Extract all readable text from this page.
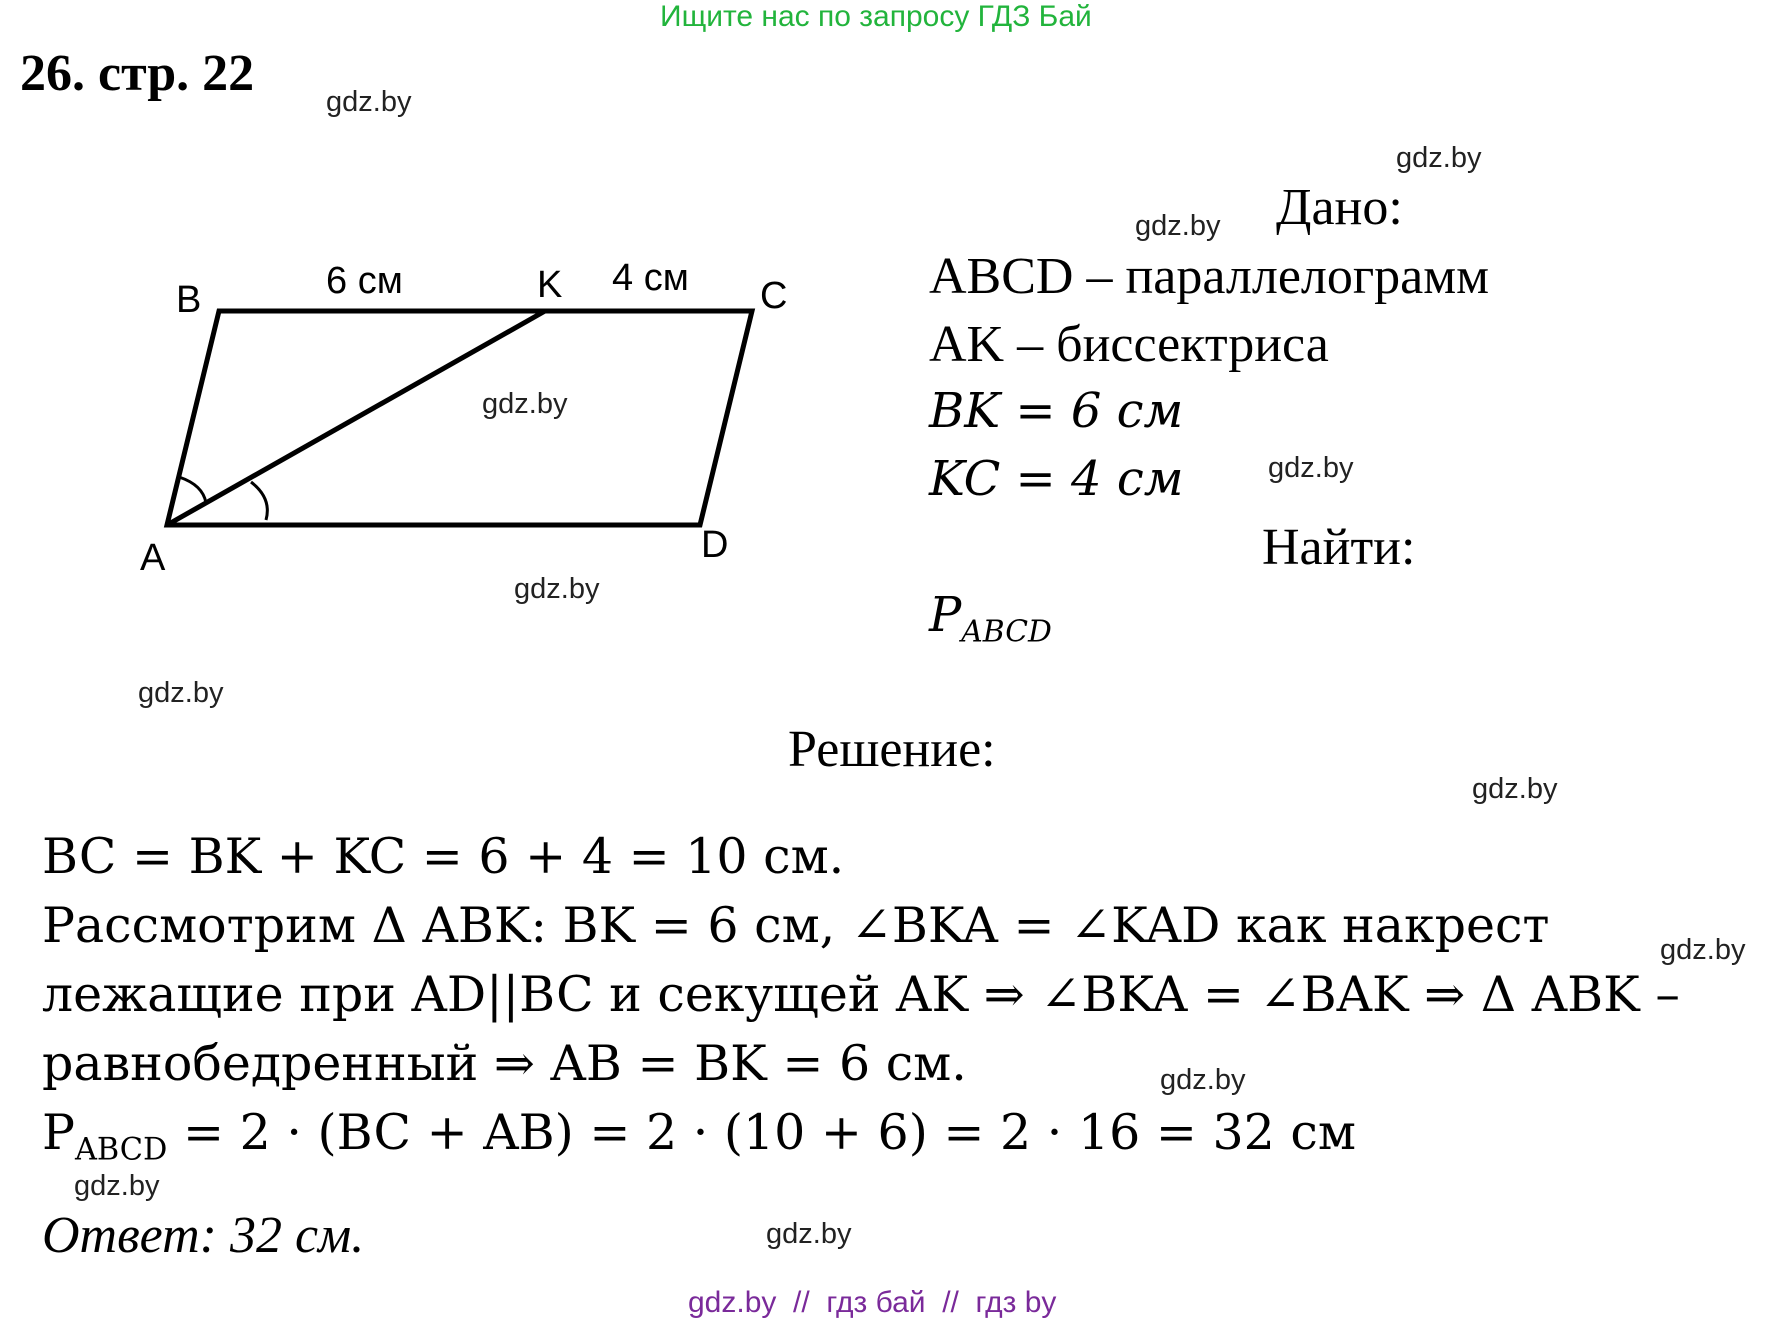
Ищите нас по запросу ГДЗ Бай
26. стр. 22
B	K	C
A	D
6 см	4 см
Дано:
ABCD – параллелограмм
AK – биссектриса
BK = 6 см
KC = 4 см
Найти:
$P_{ABCD}$
Решение:
BC = BK + KC = 6 + 4 = 10 см.
Рассмотрим Δ ABK: BK = 6 см, ∠BKA = ∠KAD как накрест
лежащие при AD||BC и секущей AK ⇒ ∠BKA = ∠BAK ⇒ Δ ABK –
равнобедренный ⇒ AB = BK = 6 см.
$P_{ABCD} = 2 \cdot (BC + AB) = 2 \cdot (10 + 6) = 2 \cdot 16 = 32$ см
Ответ: 32 см.
gdz.by
gdz.by
gdz.by
gdz.by
gdz.by
gdz.by
gdz.by
gdz.by
gdz.by
gdz.by
gdz.by
gdz.by
gdz.by  //  гдз бай  //  гдз by
